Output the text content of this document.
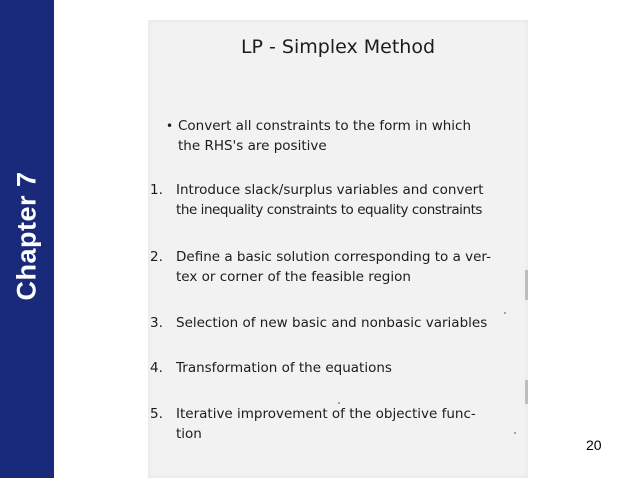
Chapter 7
LP - Simplex Method
• Convert all constraints to the form in which
the RHS's are positive
1. Introduce slack/surplus variables and convert
the inequality constraints to equality constraints
2. Define a basic solution corresponding to a ver-
tex or corner of the feasible region
3. Selection of new basic and nonbasic variables
4. Transformation of the equations
5. Iterative improvement of the objective func-
tion
20
